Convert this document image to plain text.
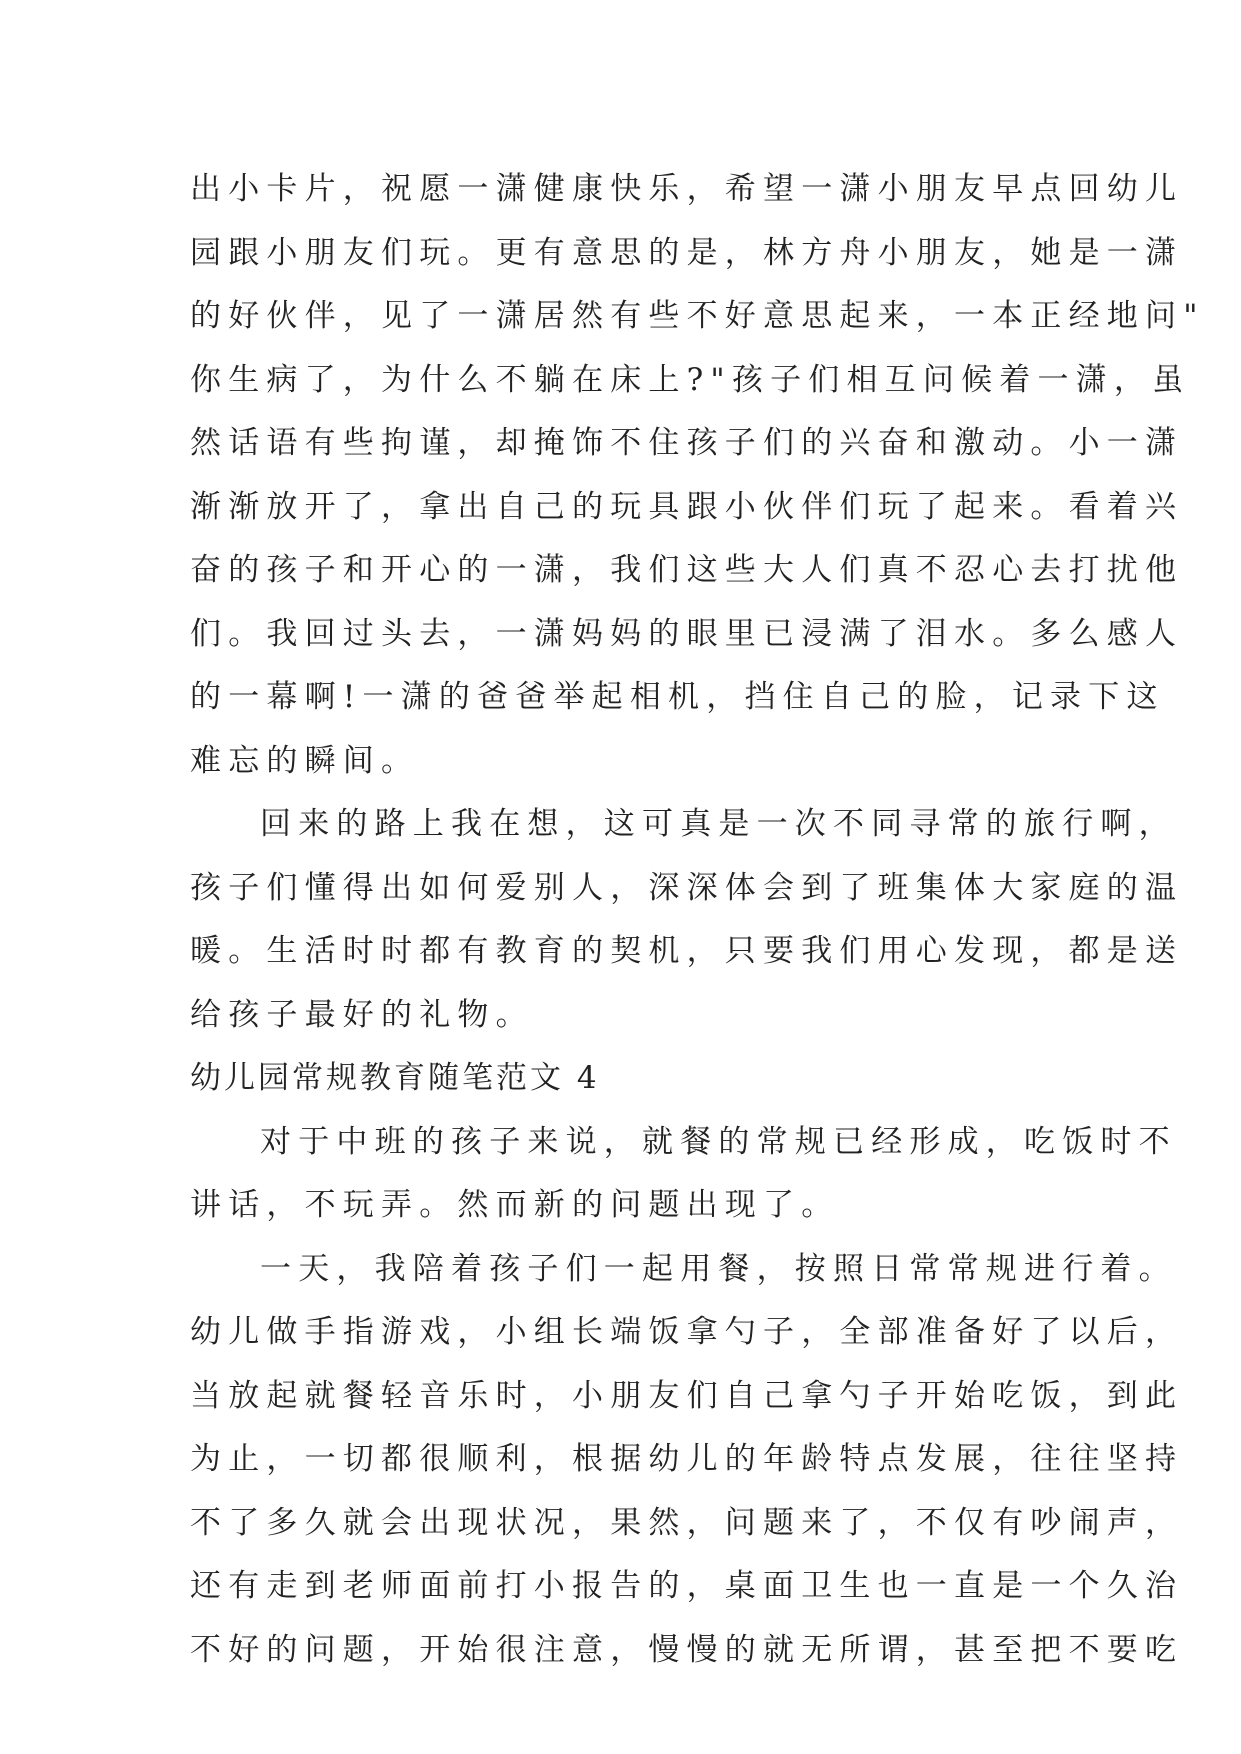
出小卡片，祝愿一潇健康快乐，希望一潇小朋友早点回幼儿
园跟小朋友们玩。更有意思的是，林方舟小朋友，她是一潇
的好伙伴，见了一潇居然有些不好意思起来，一本正经地问"
你生病了，为什么不躺在床上?"孩子们相互问候着一潇，虽
然话语有些拘谨，却掩饰不住孩子们的兴奋和激动。小一潇
渐渐放开了，拿出自己的玩具跟小伙伴们玩了起来。看着兴
奋的孩子和开心的一潇，我们这些大人们真不忍心去打扰他
们。我回过头去，一潇妈妈的眼里已浸满了泪水。多么感人
的一幕啊!一潇的爸爸举起相机，挡住自己的脸，记录下这
难忘的瞬间。
回来的路上我在想，这可真是一次不同寻常的旅行啊，
孩子们懂得出如何爱别人，深深体会到了班集体大家庭的温
暖。生活时时都有教育的契机，只要我们用心发现，都是送
给孩子最好的礼物。
幼儿园常规教育随笔范文 4
对于中班的孩子来说，就餐的常规已经形成，吃饭时不
讲话，不玩弄。然而新的问题出现了。
一天，我陪着孩子们一起用餐，按照日常常规进行着。
幼儿做手指游戏，小组长端饭拿勺子，全部准备好了以后，
当放起就餐轻音乐时，小朋友们自己拿勺子开始吃饭，到此
为止，一切都很顺利，根据幼儿的年龄特点发展，往往坚持
不了多久就会出现状况，果然，问题来了，不仅有吵闹声，
还有走到老师面前打小报告的，桌面卫生也一直是一个久治
不好的问题，开始很注意，慢慢的就无所谓，甚至把不要吃
